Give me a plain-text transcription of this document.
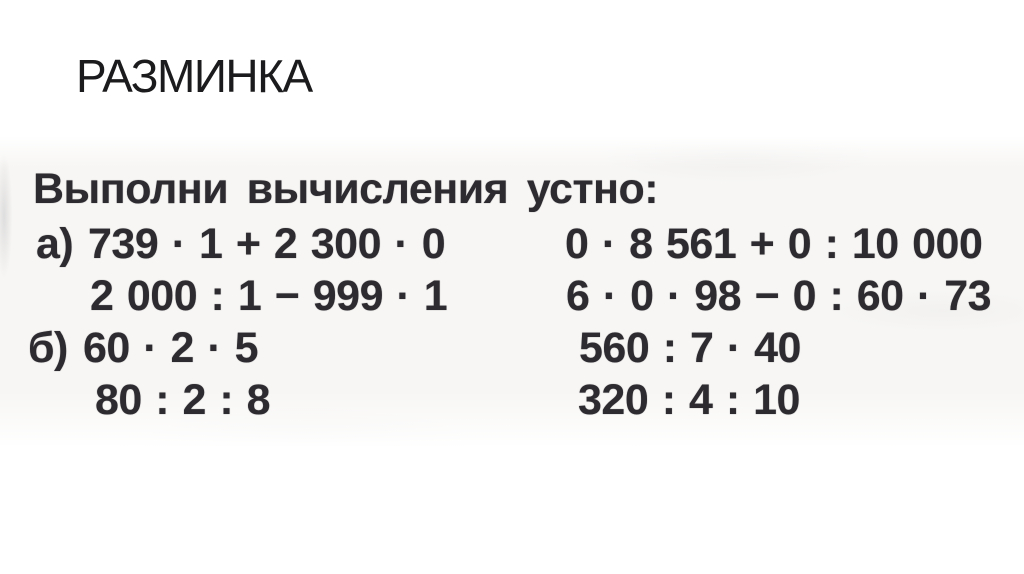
РАЗМИНКА
Выполни вычисления устно:
а) 739 · 1 + 2 300 · 0	0 · 8 561 + 0 : 10 000
2 000 : 1 − 999 · 1	6 · 0 · 98 − 0 : 60 · 73
б) 60 · 2 · 5	560 : 7 · 40
80 : 2 : 8	320 : 4 : 10
